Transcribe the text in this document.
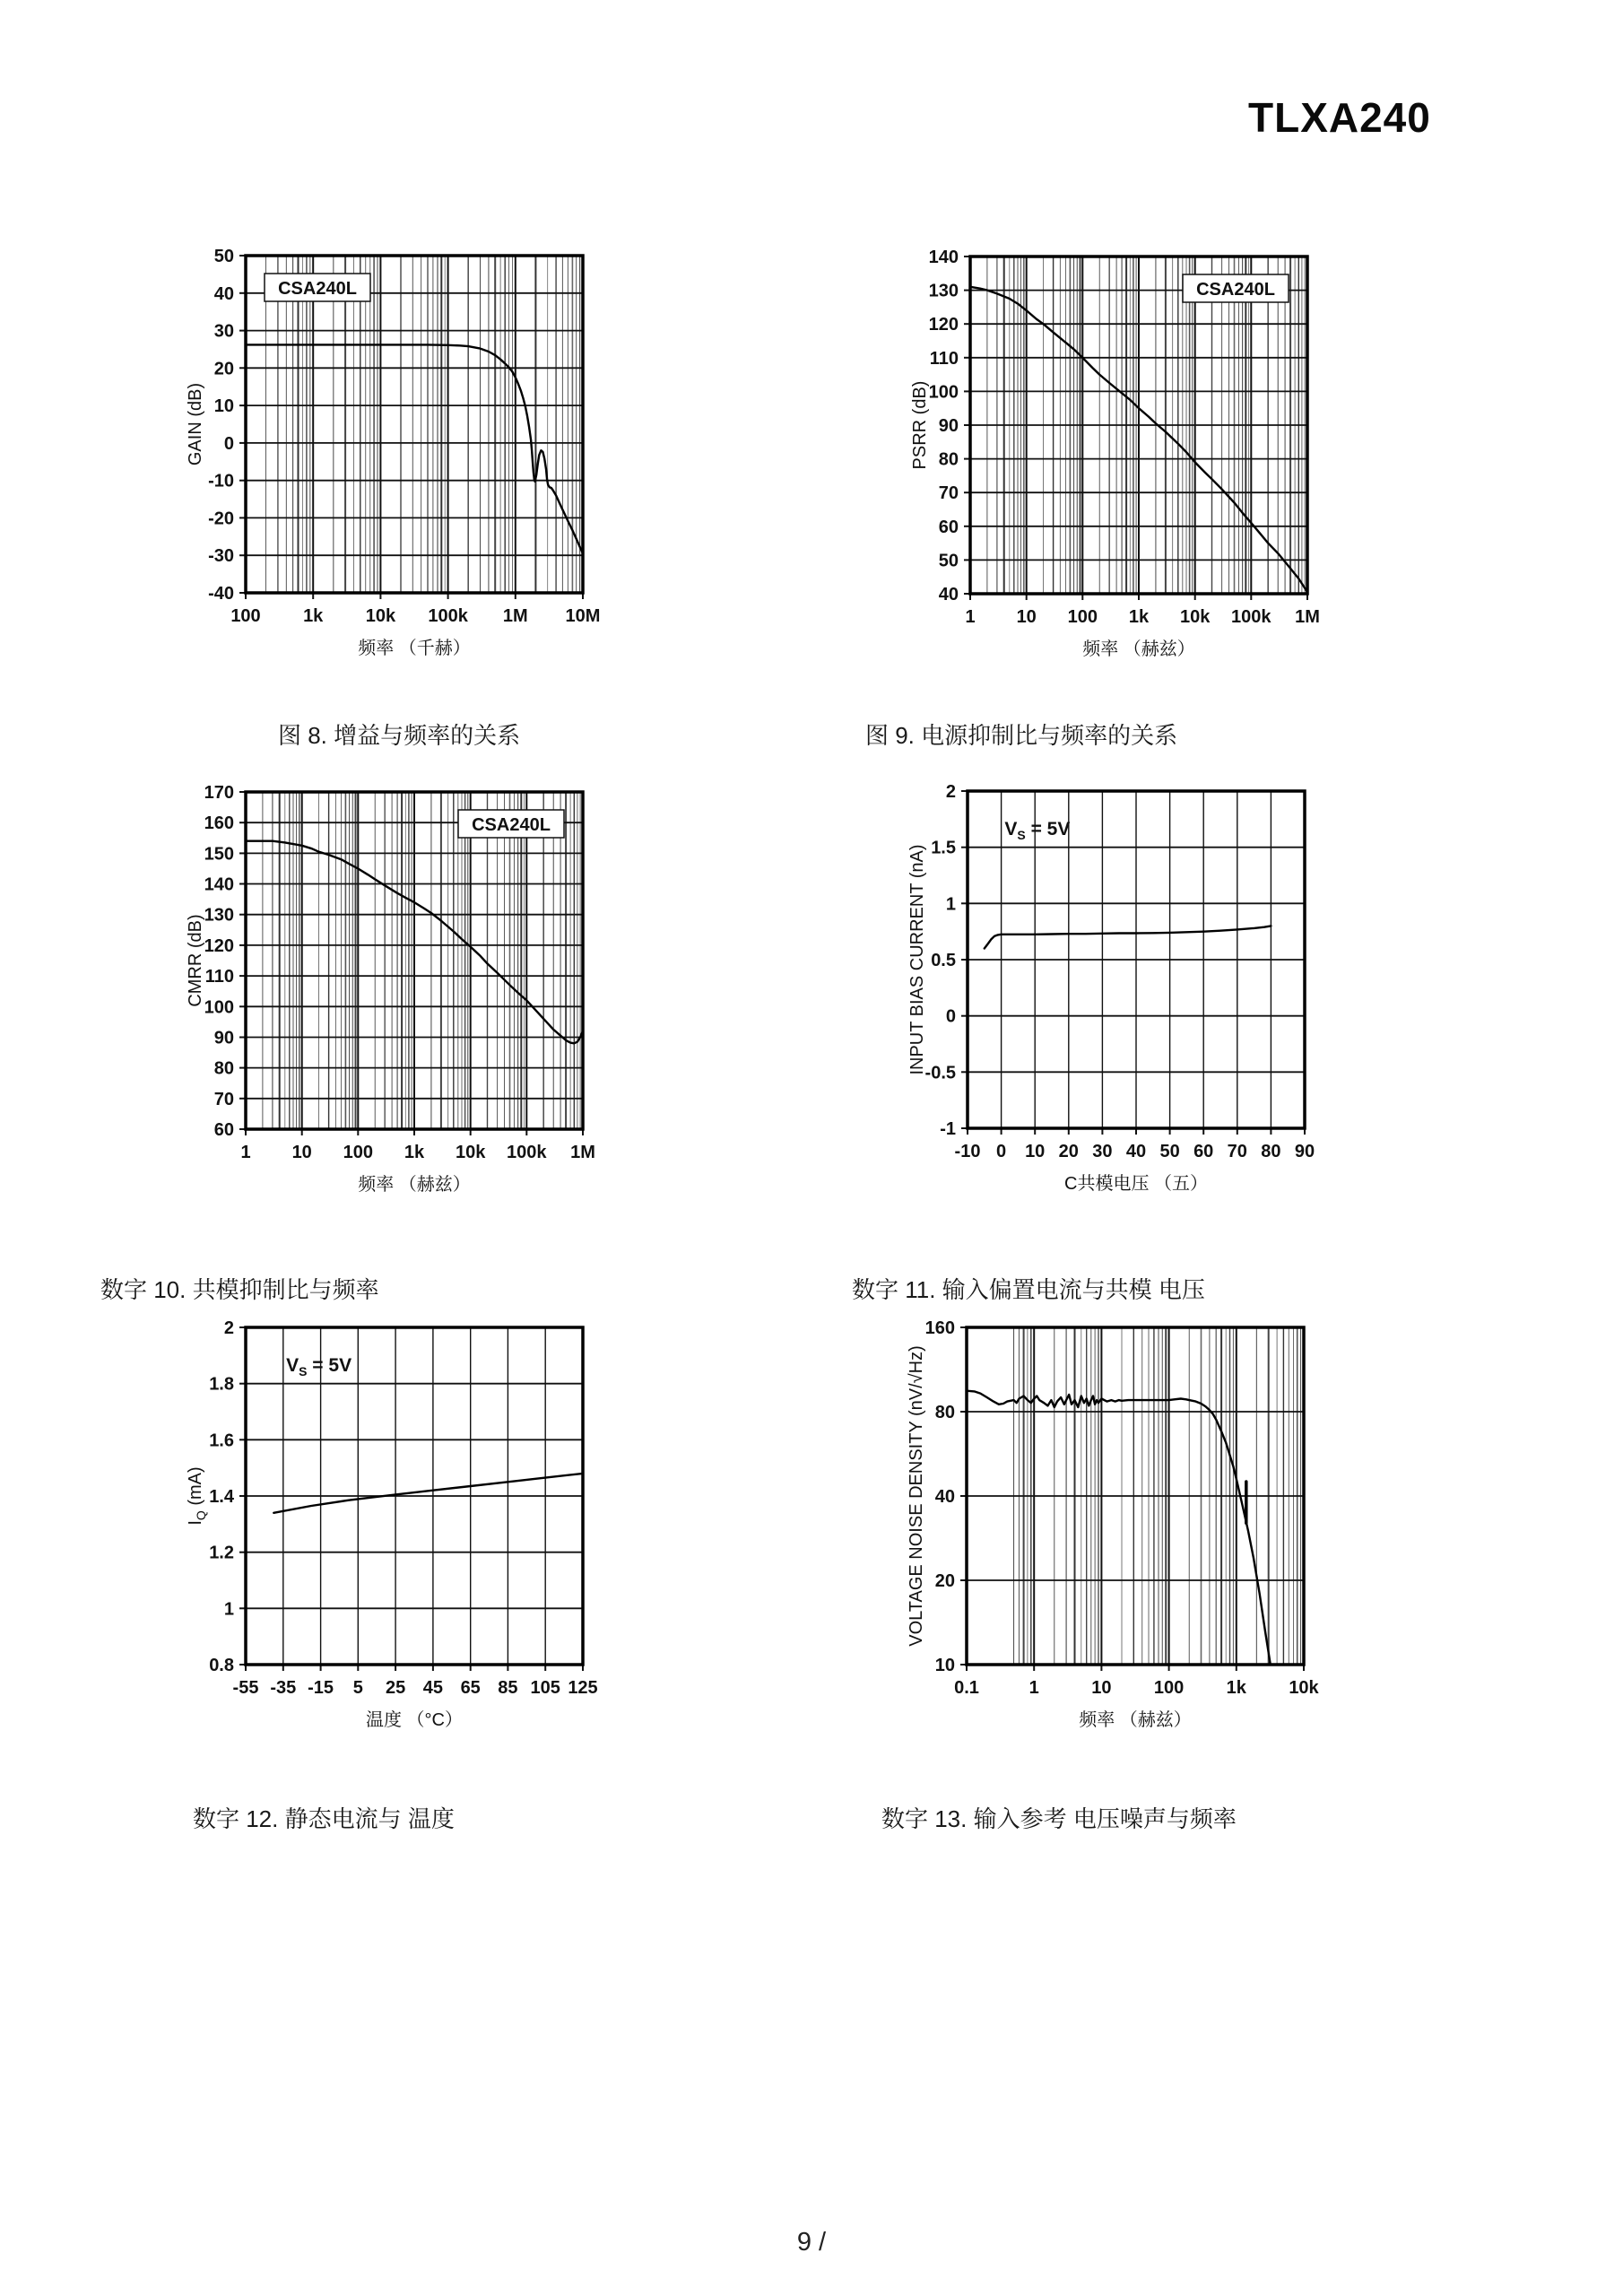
TLXA240
100 1k 10k 100k 1M 10M
50
40
30
20
10
0
-10
-20
-30
-40
频率 （千赫）
GAIN (dB)
CSA240L
1 10 100 1k 10k 100k 1M
140
130
120
110
100
90
80
70
60
50
40
频率 （赫兹）
PSRR (dB)
CSA240L
1 10 100 1k 10k 100k 1M
170
160
150
140
130
120
110
100
90
80
70
60
频率 （赫兹）
CMRR (dB)
CSA240L
-10 0 10 20 30 40 50 60 70 80 90
2
1.5
1
0.5
0
-0.5
-1
C共模电压 （五）
INPUT BIAS CURRENT (nA)
$V_S = 5V$
-55 -35 -15 5 25 45 65 85 105 125
2
1.8
1.6
1.4
1.2
1
0.8
温度 （°C）
$I_Q$ (mA)
$V_S = 5V$
0.1	1	10 100 1k 10k
160
80
40
20
10
频率 （赫兹）
VOLTAGE NOISE DENSITY (nV/√Hz)
图 8. 增益与频率的关系	图 9. 电源抑制比与频率的关系
数字 10. 共模抑制比与频率	数字 11. 输入偏置电流与共模 电压
数字 12. 静态电流与 温度	数字 13. 输入参考 电压噪声与频率
9 /
